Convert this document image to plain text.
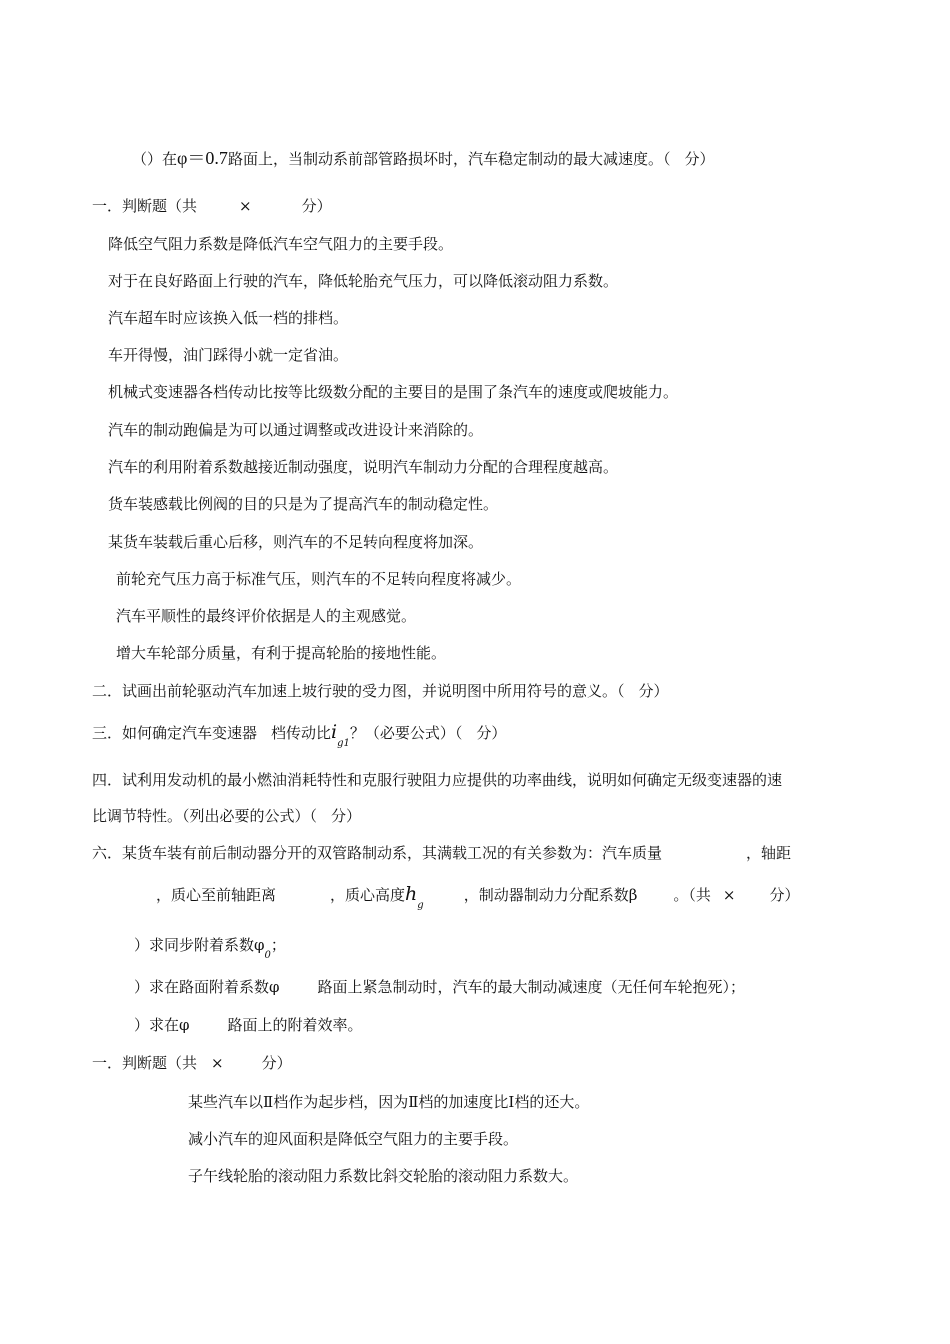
（）在φ＝0.7路面上，当制动系前部管路损坏时，汽车稳定制动的最大减速度。（ 分）
一．判断题（共	×	分）
降低空气阻力系数是降低汽车空气阻力的主要手段。
对于在良好路面上行驶的汽车，降低轮胎充气压力，可以降低滚动阻力系数。
汽车超车时应该换入低一档的排档。
车开得慢，油门踩得小就一定省油。
机械式变速器各档传动比按等比级数分配的主要目的是围了条汽车的速度或爬坡能力。
汽车的制动跑偏是为可以通过调整或改进设计来消除的。
汽车的利用附着系数越接近制动强度，说明汽车制动力分配的合理程度越高。
货车装感载比例阀的目的只是为了提高汽车的制动稳定性。
某货车装载后重心后移，则汽车的不足转向程度将加深。
前轮充气压力高于标准气压，则汽车的不足转向程度将减少。
汽车平顺性的最终评价依据是人的主观感觉。
增大车轮部分质量，有利于提高轮胎的接地性能。
二．试画出前轮驱动汽车加速上坡行驶的受力图，并说明图中所用符号的意义。（ 分）
三．如何确定汽车变速器 档传动比$i_{g1}$？（必要公式）（ 分）
四．试利用发动机的最小燃油消耗特性和克服行驶阻力应提供的功率曲线，说明如何确定无级变速器的速
比调节特性。（列出必要的公式）（ 分）
六．某货车装有前后制动器分开的双管路制动系，其满载工况的有关参数为：汽车质量	，轴距
，质心至前轴距离	，质心高度$h_g$，制动器制动力分配系数β 。（共 × 分）
）求同步附着系数$\varphi_0$；
）求在路面附着系数φ	路面上紧急制动时，汽车的最大制动减速度（无任何车轮抱死）；
）求在φ	路面上的附着效率。
一．判断题（共 ×	分）
某些汽车以Ⅱ档作为起步档，因为Ⅱ档的加速度比Ⅰ档的还大。
减小汽车的迎风面积是降低空气阻力的主要手段。
子午线轮胎的滚动阻力系数比斜交轮胎的滚动阻力系数大。
